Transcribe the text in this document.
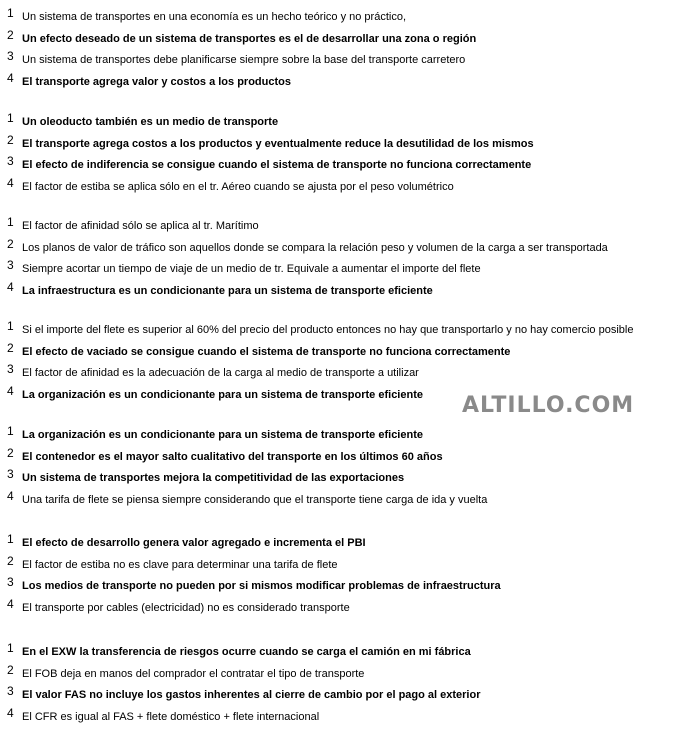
1 Un sistema de transportes en una economía es un hecho teórico y no práctico,
2 Un efecto deseado de un sistema de transportes es el de desarrollar una zona o región
3 Un sistema de transportes debe planificarse siempre sobre la base del transporte carretero
4 El transporte agrega valor y costos a los productos
1 Un oleoducto también es un medio de transporte
2 El transporte agrega costos a los productos y eventualmente reduce la desutilidad de los mismos
3 El efecto de indiferencia se consigue cuando el sistema de transporte no funciona correctamente
4 El factor de estiba se aplica sólo en el tr. Aéreo cuando se ajusta por el peso volumétrico
1 El factor de afinidad sólo se aplica al tr. Marítimo
2 Los planos de valor de tráfico son aquellos donde se compara la relación peso y volumen de la carga a ser transportada
3 Siempre acortar un tiempo de viaje de un medio de tr. Equivale a aumentar el importe del flete
4 La infraestructura es un condicionante para un sistema de transporte eficiente
1 Si el importe del flete es superior al 60% del precio del producto entonces no hay que transportarlo y no hay comercio posible
2 El efecto de vaciado se consigue cuando el sistema de transporte no funciona correctamente
3 El factor de afinidad es la adecuación de la carga al medio de transporte a utilizar
4 La organización es un condicionante para un sistema de transporte eficiente
1 La organización es un condicionante para un sistema de transporte eficiente
2 El contenedor es el mayor salto cualitativo del transporte en los últimos 60 años
3 Un sistema de transportes mejora la competitividad de las exportaciones
4 Una tarifa de flete se piensa siempre considerando que el transporte tiene carga de ida y vuelta
1 El efecto de desarrollo genera valor agregado e incrementa el PBI
2 El factor de estiba no es clave para determinar una tarifa de flete
3 Los medios de transporte no pueden por si mismos modificar problemas de infraestructura
4 El transporte por cables (electricidad) no es considerado transporte
1 En el EXW la transferencia de riesgos ocurre cuando se carga el camión en mi fábrica
2 El FOB deja en manos del comprador el contratar el tipo de transporte
3 El valor FAS no incluye los gastos inherentes al cierre de cambio por el pago al exterior
4 El CFR es igual al FAS + flete doméstico + flete internacional
ALTILLO.COM
